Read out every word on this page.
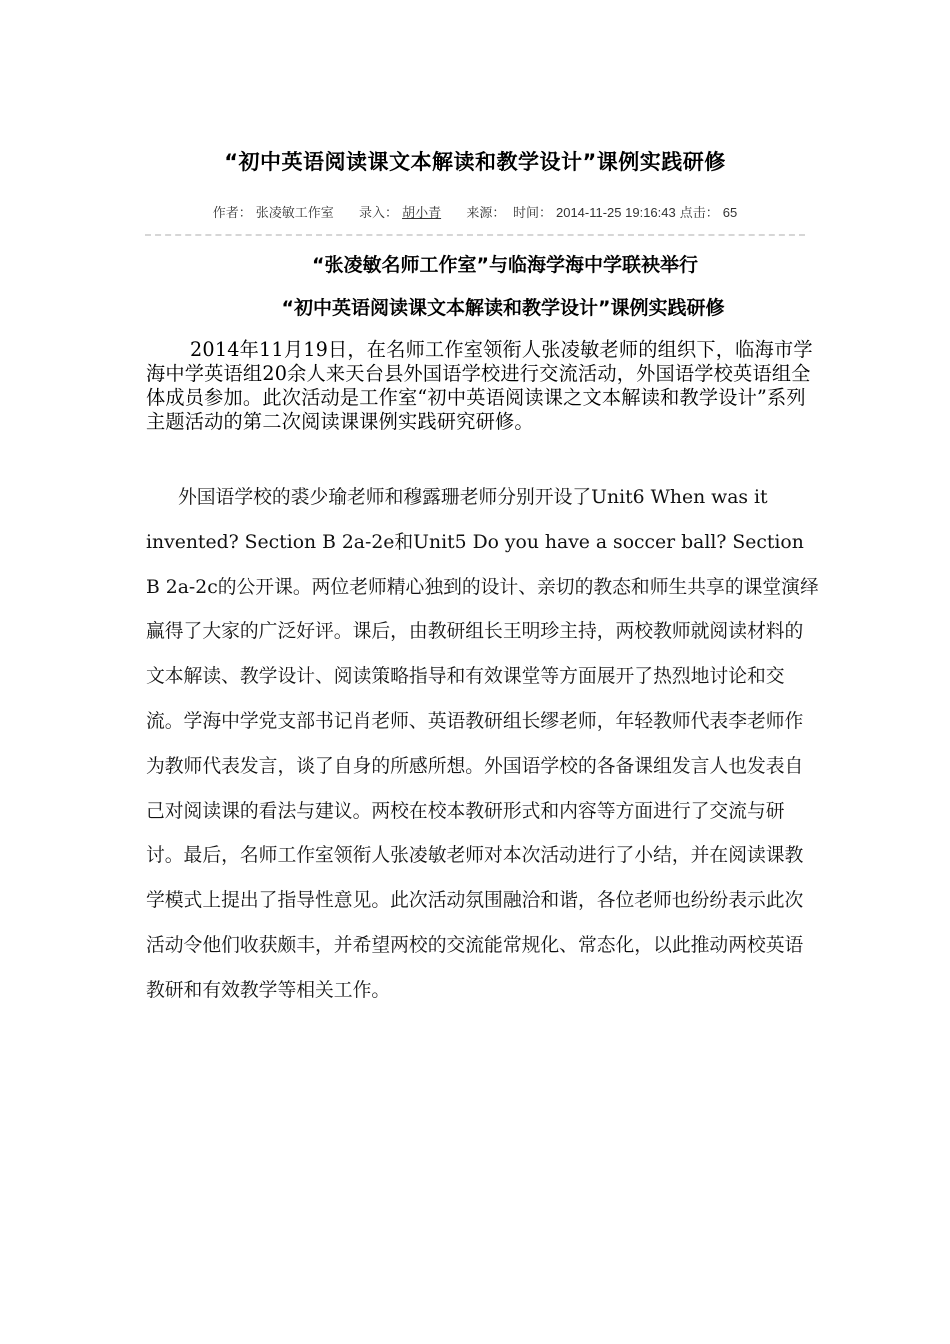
“初中英语阅读课文本解读和教学设计”课例实践研修
作者： 张凌敏工作室 录入： 胡小青 来源： 时间： 2014-11-25 19:16:43 点击： 65
“张凌敏名师工作室”与临海学海中学联袂举行
“初中英语阅读课文本解读和教学设计”课例实践研修
2014年11月19日，在名师工作室领衔人张凌敏老师的组织下，临海市学海中学英语组20余人来天台县外国语学校进行交流活动，外国语学校英语组全体成员参加。此次活动是工作室“初中英语阅读课之文本解读和教学设计”系列主题活动的第二次阅读课课例实践研究研修。
外国语学校的裘少瑜老师和穆露珊老师分别开设了Unit6 When was it invented? Section B 2a-2e和Unit5 Do you have a soccer ball? Section B 2a-2c的公开课。两位老师精心独到的设计、亲切的教态和师生共享的课堂演绎赢得了大家的广泛好评。课后，由教研组长王明珍主持，两校教师就阅读材料的文本解读、教学设计、阅读策略指导和有效课堂等方面展开了热烈地讨论和交流。学海中学党支部书记肖老师、英语教研组长缪老师，年轻教师代表李老师作为教师代表发言，谈了自身的所感所想。外国语学校的各备课组发言人也发表自己对阅读课的看法与建议。两校在校本教研形式和内容等方面进行了交流与研讨。最后，名师工作室领衔人张凌敏老师对本次活动进行了小结，并在阅读课教学模式上提出了指导性意见。此次活动氛围融洽和谐，各位老师也纷纷表示此次活动令他们收获颇丰，并希望两校的交流能常规化、常态化，以此推动两校英语教研和有效教学等相关工作。
